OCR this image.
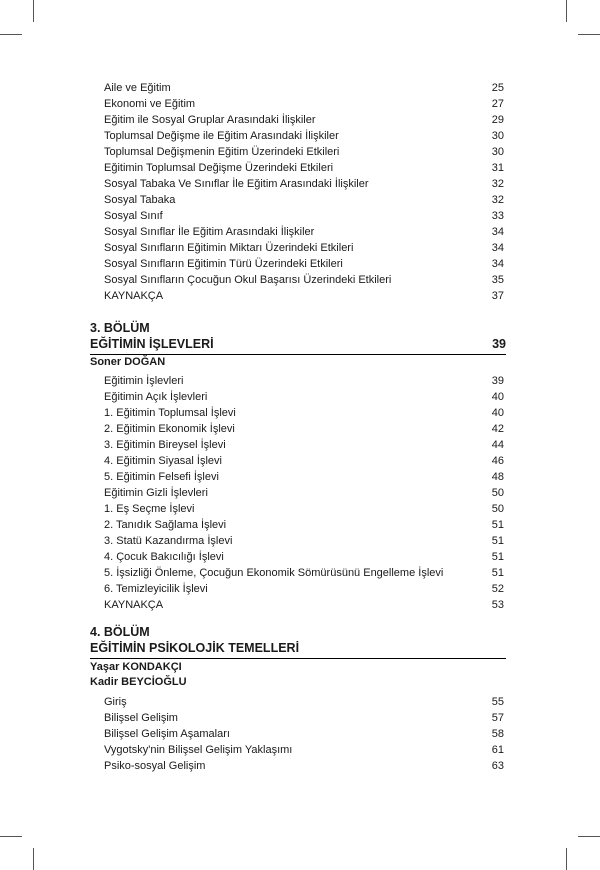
Aile ve Eğitim	25
Ekonomi ve Eğitim	27
Eğitim ile Sosyal Gruplar Arasındaki İlişkiler	29
Toplumsal Değişme ile Eğitim Arasındaki İlişkiler	30
Toplumsal Değişmenin Eğitim Üzerindeki Etkileri	30
Eğitimin Toplumsal Değişme Üzerindeki Etkileri	31
Sosyal Tabaka Ve Sınıflar İle Eğitim Arasındaki İlişkiler	32
Sosyal Tabaka	32
Sosyal Sınıf	33
Sosyal Sınıflar İle Eğitim Arasındaki İlişkiler	34
Sosyal Sınıfların Eğitimin Miktarı Üzerindeki Etkileri	34
Sosyal Sınıfların Eğitimin Türü Üzerindeki Etkileri	34
Sosyal Sınıfların Çocuğun Okul Başarısı Üzerindeki Etkileri	35
KAYNAKÇA	37
3. BÖLÜM
EĞİTİMİN İŞLEVLERİ	39
Soner DOĞAN
Eğitimin İşlevleri	39
Eğitimin Açık İşlevleri	40
1. Eğitimin Toplumsal İşlevi	40
2. Eğitimin Ekonomik İşlevi	42
3. Eğitimin Bireysel İşlevi	44
4. Eğitimin Siyasal İşlevi	46
5. Eğitimin Felsefi İşlevi	48
Eğitimin Gizli İşlevleri	50
1. Eş Seçme İşlevi	50
2. Tanıdık Sağlama İşlevi	51
3. Statü Kazandırma İşlevi	51
4. Çocuk Bakıcılığı İşlevi	51
5. İşsizliği Önleme, Çocuğun Ekonomik Sömürüsünü Engelleme İşlevi	51
6. Temizleyicilik İşlevi	52
KAYNAKÇA	53
4. BÖLÜM
EĞİTİMİN PSİKOLOJİK TEMELLERİ
Yaşar KONDAKÇI
Kadir BEYCİOĞLU
Giriş	55
Bilişsel Gelişim	57
Bilişsel Gelişim Aşamaları	58
Vygotsky'nin Bilişsel Gelişim Yaklaşımı	61
Psiko-sosyal Gelişim	63
